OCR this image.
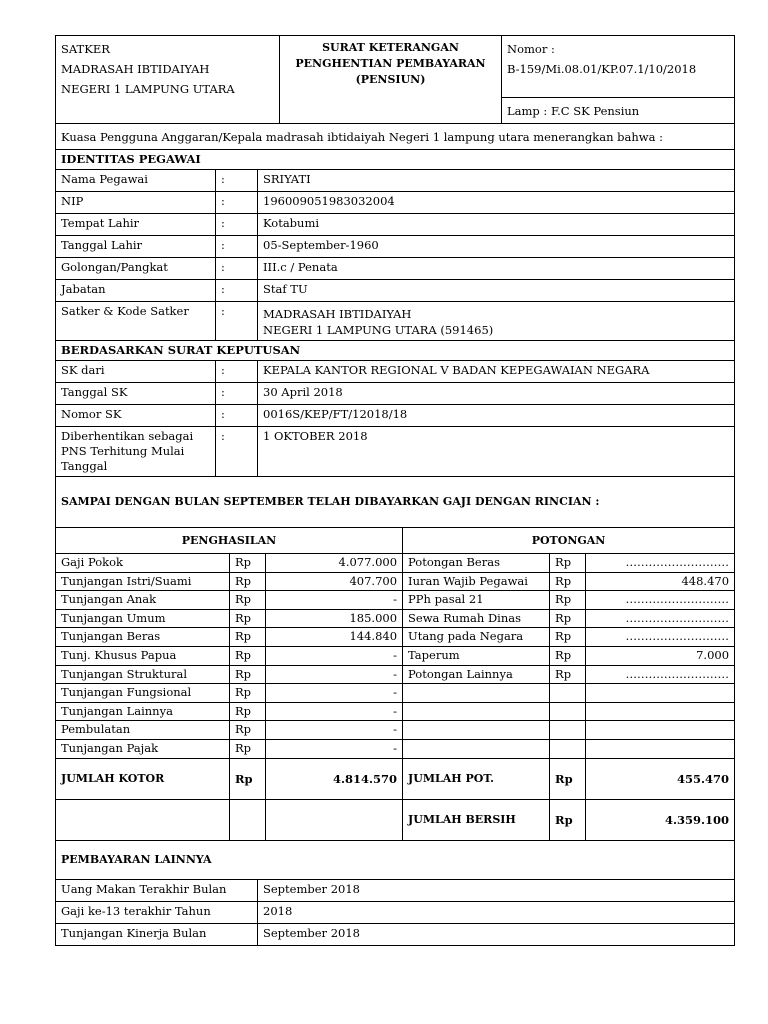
SATKER
MADRASAH IBTIDAIYAH
NEGERI 1 LAMPUNG UTARA

SURAT KETERANGAN
PENGHENTIAN PEMBAYARAN
(PENSIUN)

Nomor :
B-159/Mi.08.01/KP.07.1/10/2018

Lamp : F.C SK Pensiun
Kuasa Pengguna Anggaran/Kepala madrasah ibtidaiyah Negeri 1 lampung utara menerangkan bahwa :		
IDENTITAS PEGAWAI		
Nama Pegawai	:	SRIYATI
NIP	:	196009051983032004
Tempat Lahir	:	Kotabumi
Tanggal Lahir	:	05-September-1960
Golongan/Pangkat	:	III.c / Penata
Jabatan	:	Staf TU
Satker & Kode Satker	:	MADRASAH IBTIDAIYAH
NEGERI 1 LAMPUNG UTARA (591465)

BERDASARKAN SURAT KEPUTUSAN		
SK dari	:	KEPALA KANTOR REGIONAL V BADAN KEPEGAWAIAN NEGARA
Tanggal SK	:	30 April 2018
Nomor SK	:	0016S/KEP/FT/12018/18

Diberhentikan sebagai
PNS Terhitung Mulai
Tanggal	:	1 OKTOBER 2018
SAMPAI DENGAN BULAN SEPTEMBER TELAH DIBAYARKAN GAJI DENGAN RINCIAN :		
PENGHASILAN			POTONGAN		
Gaji Pokok	Rp	4.077.000	Potongan Beras	Rp	………………………
Tunjangan Istri/Suami	Rp	407.700	Iuran Wajib Pegawai	Rp	448.470
Tunjangan Anak	Rp	-	PPh pasal 21	Rp	………………………
Tunjangan Umum	Rp	185.000	Sewa Rumah Dinas	Rp	………………………
Tunjangan Beras	Rp	144.840	Utang pada Negara	Rp	………………………
Tunj. Khusus Papua	Rp	-	Taperum	Rp	7.000
Tunjangan Struktural	Rp	-	Potongan Lainnya	Rp	………………………
Tunjangan Fungsional	Rp	-			
Tunjangan Lainnya	Rp	-			
Pembulatan	Rp	-			
Tunjangan Pajak	Rp	-			
JUMLAH KOTOR	Rp	4.814.570	JUMLAH POT.	Rp	455.470
			JUMLAH BERSIH	Rp	4.359.100
PEMBAYARAN LAINNYA	
Uang Makan Terakhir Bulan	September 2018
Gaji ke-13 terakhir Tahun	2018
Tunjangan Kinerja Bulan	September 2018
